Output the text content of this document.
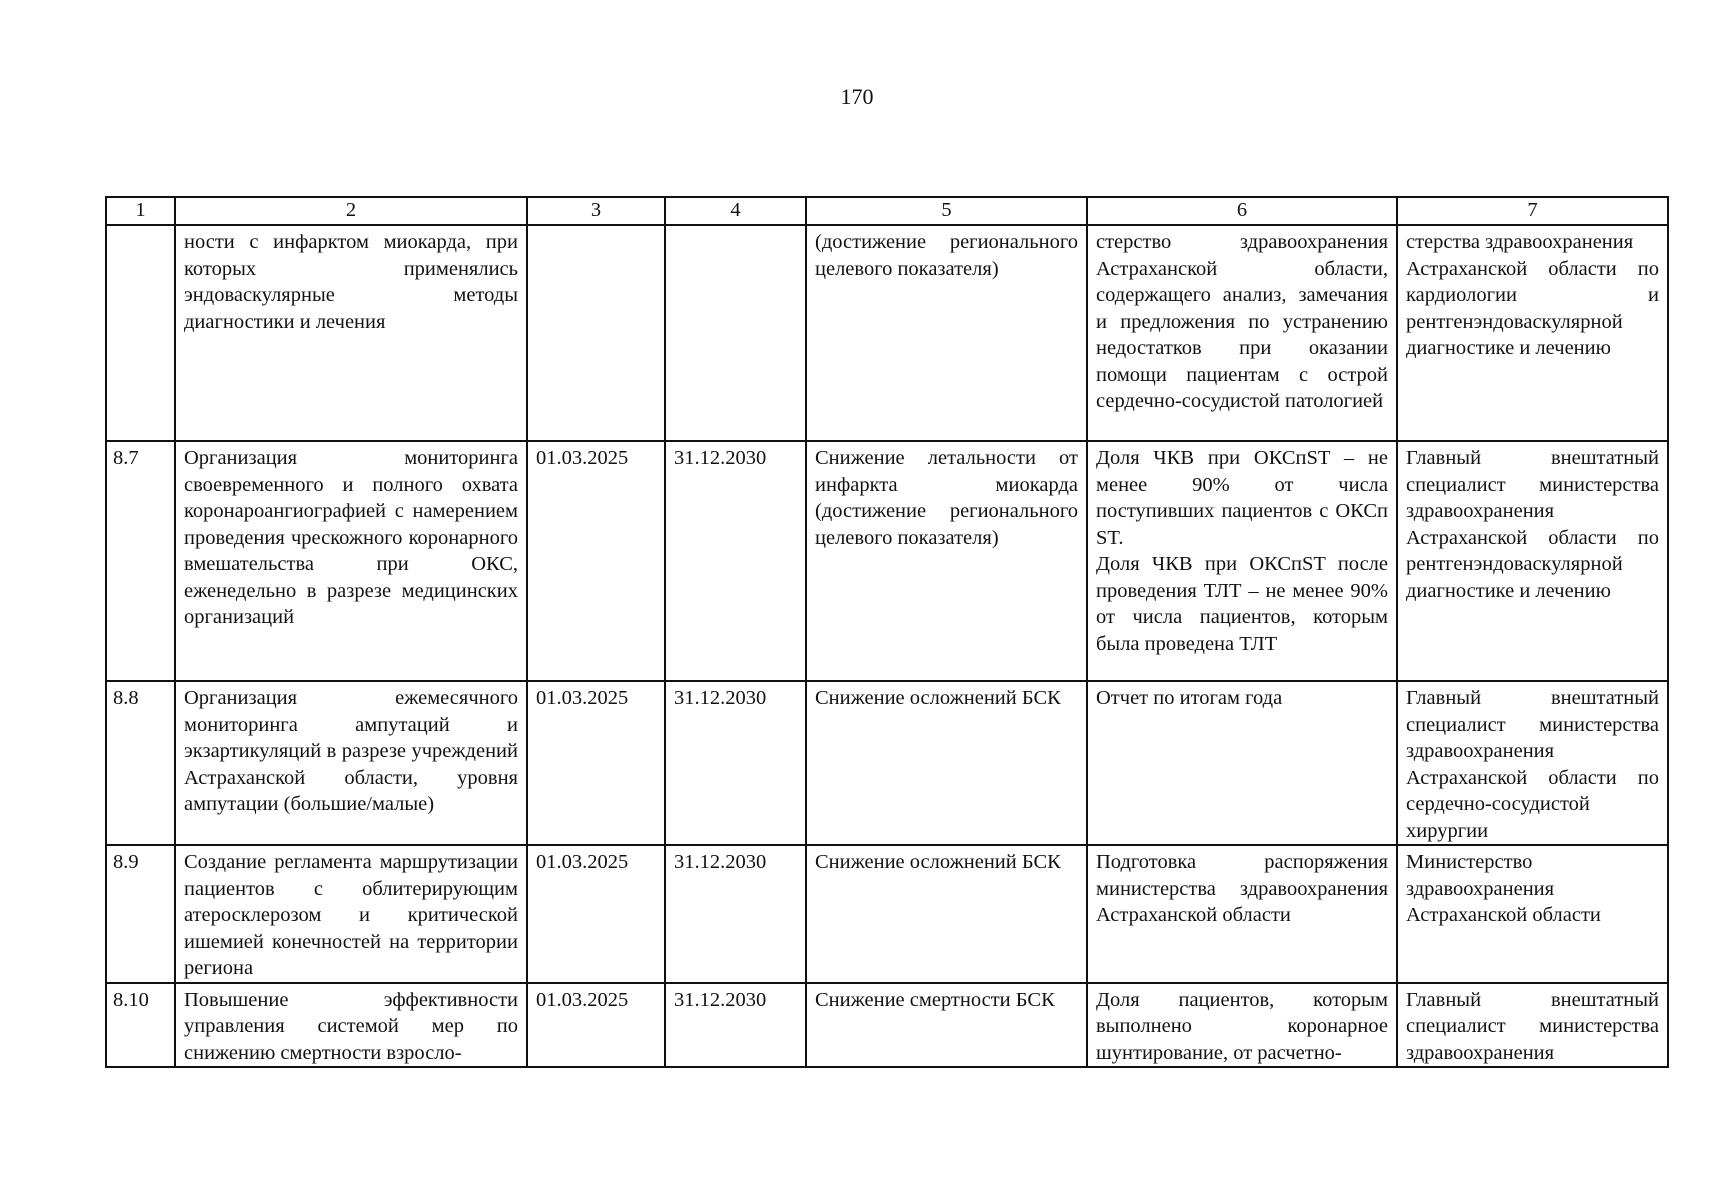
170
1	2	3	4	5	6	7
	ности с инфарктом миокарда, при которых применялись эндоваскулярные методы диагностики и лечения			(достижение регионального целевого показателя)	стерство здравоохранения Астраханской области, содержащего анализ, замечания и предложения по устранению недостатков при оказании помощи пациентам с острой сердечно-сосудистой патологией	стерства здравоохранения
Астраханской области по кардиологии и рентгенэндоваскулярной диагностике и лечению

8.7	Организация мониторинга своевременного и полного охвата коронароангиографией с намерением проведения чрескожного коронарного вмешательства при ОКС, еженедельно в разрезе медицинских организаций	01.03.2025	31.12.2030	Снижение летальности от инфаркта миокарда (достижение регионального целевого показателя)	Доля ЧКВ при ОКСпST – не менее 90% от числа поступивших пациентов с ОКСп ST.
Доля ЧКВ при ОКСпST после проведения ТЛТ – не менее 90% от числа пациентов, которым была проведена ТЛТ	Главный внештатный специалист министерства здравоохранения
Астраханской области по рентгенэндоваскулярной диагностике и лечению

8.8	Организация ежемесячного мониторинга ампутаций и экзартикуляций в разрезе учреждений Астраханской области, уровня ампутации (большие/малые)	01.03.2025	31.12.2030	Снижение осложнений БСК	Отчет по итогам года	Главный внештатный специалист министерства здравоохранения
Астраханской области по сердечно-сосудистой хирургии

8.9	Создание регламента маршрутизации пациентов с облитерирующим атеросклерозом и критической ишемией конечностей на территории региона	01.03.2025	31.12.2030	Снижение осложнений БСК	Подготовка распоряжения министерства здравоохранения Астраханской области	Министерство здравоохранения Астраханской области

8.10	Повышение эффективности управления системой мер по снижению смертности взросло-	01.03.2025	31.12.2030	Снижение смертности БСК	Доля пациентов, которым выполнено коронарное шунтирование, от расчетно-	Главный внештатный специалист министерства здравоохранения
